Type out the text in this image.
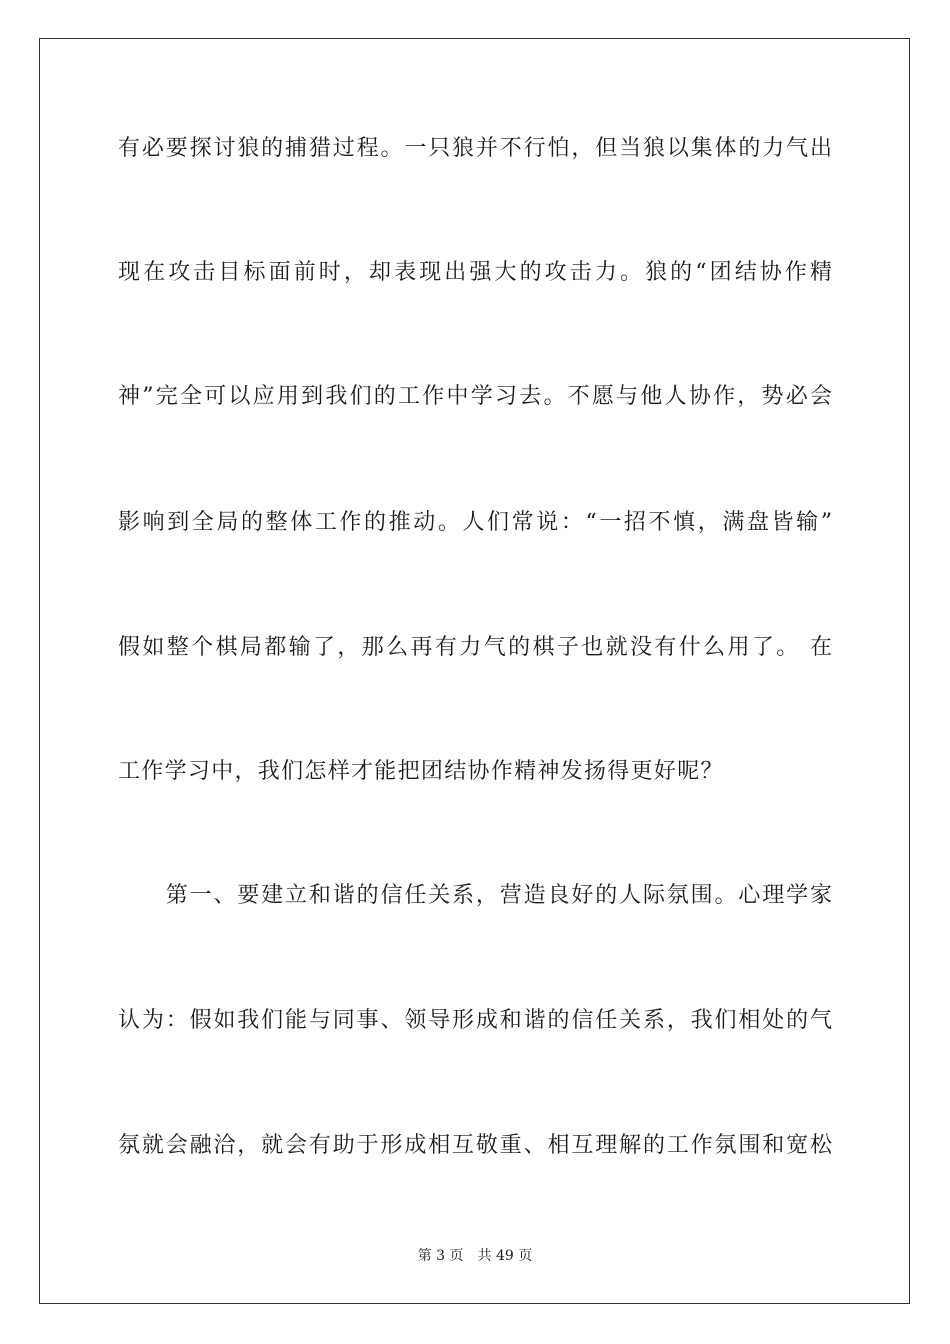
有必要探讨狼的捕猎过程。一只狼并不行怕，但当狼以集体的力气出
现在攻击目标面前时，却表现出强大的攻击力。狼的“团结协作精
神”完全可以应用到我们的工作中学习去。不愿与他人协作，势必会
影响到全局的整体工作的推动。人们常说：“一招不慎，满盘皆输”
假如整个棋局都输了，那么再有力气的棋子也就没有什么用了。 在
工作学习中，我们怎样才能把团结协作精神发扬得更好呢？
　　第一、要建立和谐的信任关系，营造良好的人际氛围。心理学家
认为：假如我们能与同事、领导形成和谐的信任关系，我们相处的气
氛就会融洽，就会有助于形成相互敬重、相互理解的工作氛围和宽松
第 3 页　共 49 页
